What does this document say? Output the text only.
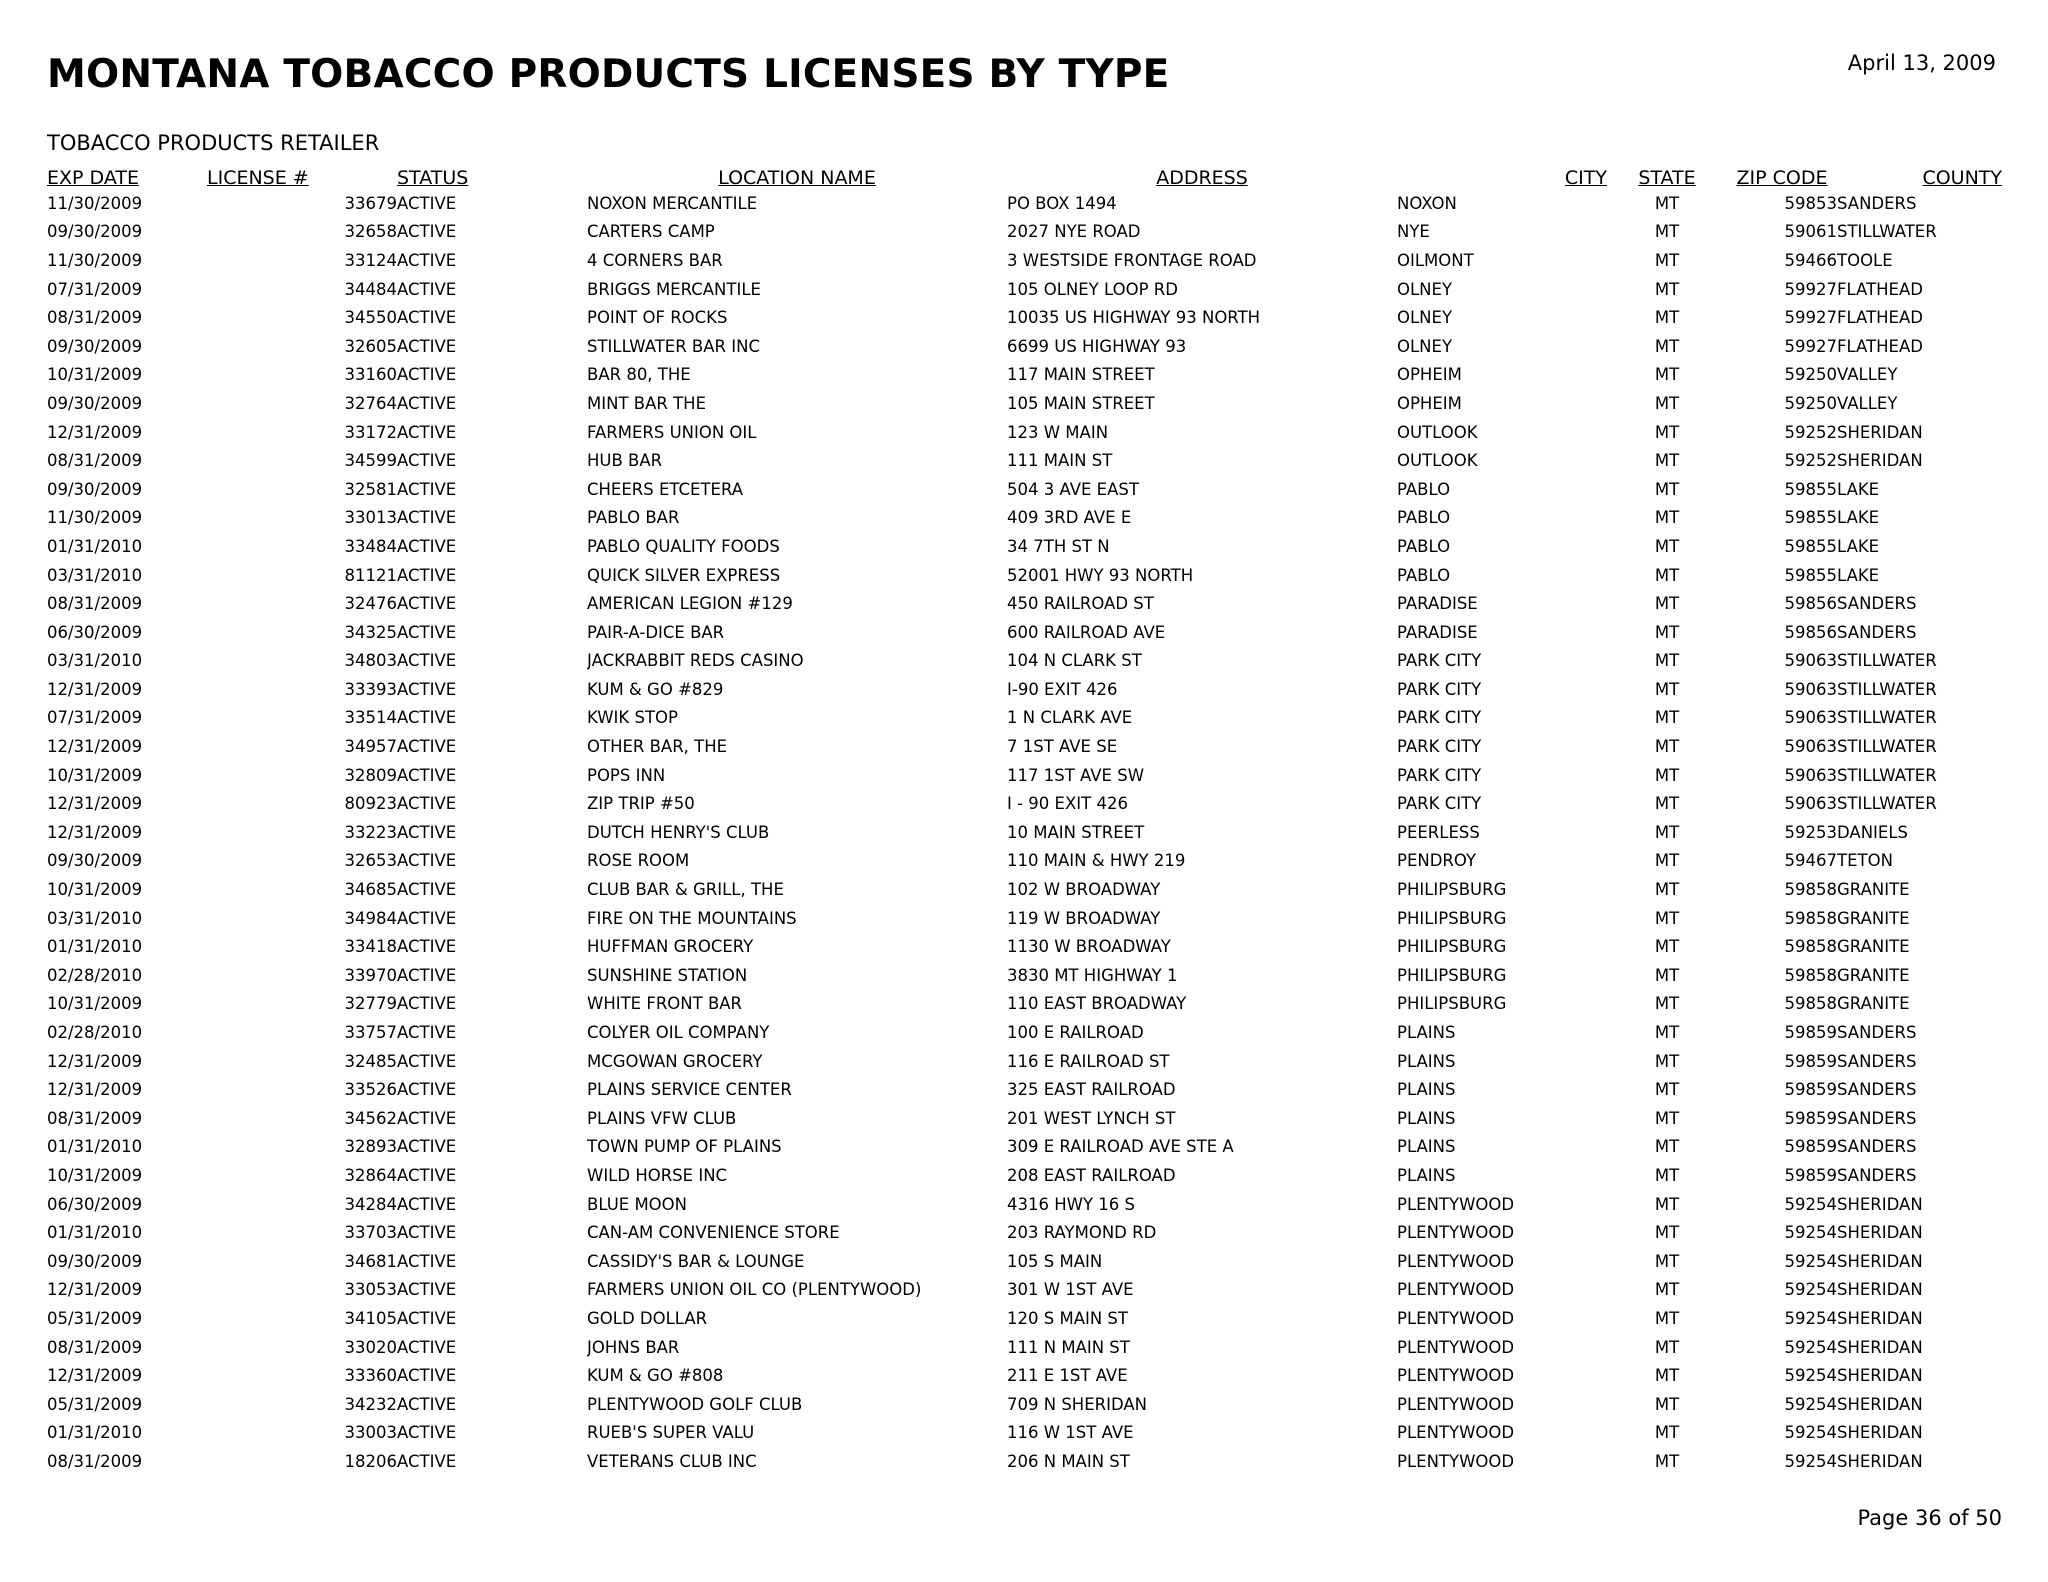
MONTANA TOBACCO PRODUCTS LICENSES BY TYPE	April 13, 2009
TOBACCO PRODUCTS RETAILER
EXP DATE	LICENSE #	STATUS	LOCATION NAME	ADDRESS	CITY	STATE	ZIP CODE	COUNTY
11/30/2009	33679	ACTIVE	NOXON MERCANTILE	PO BOX 1494	NOXON	MT	59853	SANDERS
09/30/2009	32658	ACTIVE	CARTERS CAMP	2027 NYE ROAD	NYE	MT	59061	STILLWATER
11/30/2009	33124	ACTIVE	4 CORNERS BAR	3 WESTSIDE FRONTAGE ROAD	OILMONT	MT	59466	TOOLE
07/31/2009	34484	ACTIVE	BRIGGS MERCANTILE	105 OLNEY LOOP RD	OLNEY	MT	59927	FLATHEAD
08/31/2009	34550	ACTIVE	POINT OF ROCKS	10035 US HIGHWAY 93 NORTH	OLNEY	MT	59927	FLATHEAD
09/30/2009	32605	ACTIVE	STILLWATER BAR INC	6699 US HIGHWAY 93	OLNEY	MT	59927	FLATHEAD
10/31/2009	33160	ACTIVE	BAR 80, THE	117 MAIN STREET	OPHEIM	MT	59250	VALLEY
09/30/2009	32764	ACTIVE	MINT BAR THE	105 MAIN STREET	OPHEIM	MT	59250	VALLEY
12/31/2009	33172	ACTIVE	FARMERS UNION OIL	123 W MAIN	OUTLOOK	MT	59252	SHERIDAN
08/31/2009	34599	ACTIVE	HUB BAR	111 MAIN ST	OUTLOOK	MT	59252	SHERIDAN
09/30/2009	32581	ACTIVE	CHEERS ETCETERA	504 3 AVE EAST	PABLO	MT	59855	LAKE
11/30/2009	33013	ACTIVE	PABLO BAR	409 3RD AVE E	PABLO	MT	59855	LAKE
01/31/2010	33484	ACTIVE	PABLO QUALITY FOODS	34 7TH ST N	PABLO	MT	59855	LAKE
03/31/2010	81121	ACTIVE	QUICK SILVER EXPRESS	52001 HWY 93 NORTH	PABLO	MT	59855	LAKE
08/31/2009	32476	ACTIVE	AMERICAN LEGION #129	450 RAILROAD ST	PARADISE	MT	59856	SANDERS
06/30/2009	34325	ACTIVE	PAIR-A-DICE BAR	600 RAILROAD AVE	PARADISE	MT	59856	SANDERS
03/31/2010	34803	ACTIVE	JACKRABBIT REDS CASINO	104 N CLARK ST	PARK CITY	MT	59063	STILLWATER
12/31/2009	33393	ACTIVE	KUM & GO #829	I-90 EXIT 426	PARK CITY	MT	59063	STILLWATER
07/31/2009	33514	ACTIVE	KWIK STOP	1 N CLARK AVE	PARK CITY	MT	59063	STILLWATER
12/31/2009	34957	ACTIVE	OTHER BAR, THE	7 1ST AVE SE	PARK CITY	MT	59063	STILLWATER
10/31/2009	32809	ACTIVE	POPS INN	117 1ST AVE SW	PARK CITY	MT	59063	STILLWATER
12/31/2009	80923	ACTIVE	ZIP TRIP #50	I - 90 EXIT 426	PARK CITY	MT	59063	STILLWATER
12/31/2009	33223	ACTIVE	DUTCH HENRY'S CLUB	10 MAIN STREET	PEERLESS	MT	59253	DANIELS
09/30/2009	32653	ACTIVE	ROSE ROOM	110 MAIN & HWY 219	PENDROY	MT	59467	TETON
10/31/2009	34685	ACTIVE	CLUB BAR & GRILL, THE	102 W BROADWAY	PHILIPSBURG	MT	59858	GRANITE
03/31/2010	34984	ACTIVE	FIRE ON THE MOUNTAINS	119 W BROADWAY	PHILIPSBURG	MT	59858	GRANITE
01/31/2010	33418	ACTIVE	HUFFMAN GROCERY	1130 W BROADWAY	PHILIPSBURG	MT	59858	GRANITE
02/28/2010	33970	ACTIVE	SUNSHINE STATION	3830 MT HIGHWAY 1	PHILIPSBURG	MT	59858	GRANITE
10/31/2009	32779	ACTIVE	WHITE FRONT BAR	110 EAST BROADWAY	PHILIPSBURG	MT	59858	GRANITE
02/28/2010	33757	ACTIVE	COLYER OIL COMPANY	100 E RAILROAD	PLAINS	MT	59859	SANDERS
12/31/2009	32485	ACTIVE	MCGOWAN GROCERY	116 E RAILROAD ST	PLAINS	MT	59859	SANDERS
12/31/2009	33526	ACTIVE	PLAINS SERVICE CENTER	325 EAST RAILROAD	PLAINS	MT	59859	SANDERS
08/31/2009	34562	ACTIVE	PLAINS VFW CLUB	201 WEST LYNCH ST	PLAINS	MT	59859	SANDERS
01/31/2010	32893	ACTIVE	TOWN PUMP OF PLAINS	309 E RAILROAD AVE STE A	PLAINS	MT	59859	SANDERS
10/31/2009	32864	ACTIVE	WILD HORSE INC	208 EAST RAILROAD	PLAINS	MT	59859	SANDERS
06/30/2009	34284	ACTIVE	BLUE MOON	4316 HWY 16 S	PLENTYWOOD	MT	59254	SHERIDAN
01/31/2010	33703	ACTIVE	CAN-AM CONVENIENCE STORE	203 RAYMOND RD	PLENTYWOOD	MT	59254	SHERIDAN
09/30/2009	34681	ACTIVE	CASSIDY'S BAR & LOUNGE	105 S MAIN	PLENTYWOOD	MT	59254	SHERIDAN
12/31/2009	33053	ACTIVE	FARMERS UNION OIL CO (PLENTYWOOD)	301 W 1ST AVE	PLENTYWOOD	MT	59254	SHERIDAN
05/31/2009	34105	ACTIVE	GOLD DOLLAR	120 S MAIN ST	PLENTYWOOD	MT	59254	SHERIDAN
08/31/2009	33020	ACTIVE	JOHNS BAR	111 N MAIN ST	PLENTYWOOD	MT	59254	SHERIDAN
12/31/2009	33360	ACTIVE	KUM & GO #808	211 E 1ST AVE	PLENTYWOOD	MT	59254	SHERIDAN
05/31/2009	34232	ACTIVE	PLENTYWOOD GOLF CLUB	709 N SHERIDAN	PLENTYWOOD	MT	59254	SHERIDAN
01/31/2010	33003	ACTIVE	RUEB'S SUPER VALU	116 W 1ST AVE	PLENTYWOOD	MT	59254	SHERIDAN
08/31/2009	18206	ACTIVE	VETERANS CLUB INC	206 N MAIN ST	PLENTYWOOD	MT	59254	SHERIDAN
Page 36 of 50
